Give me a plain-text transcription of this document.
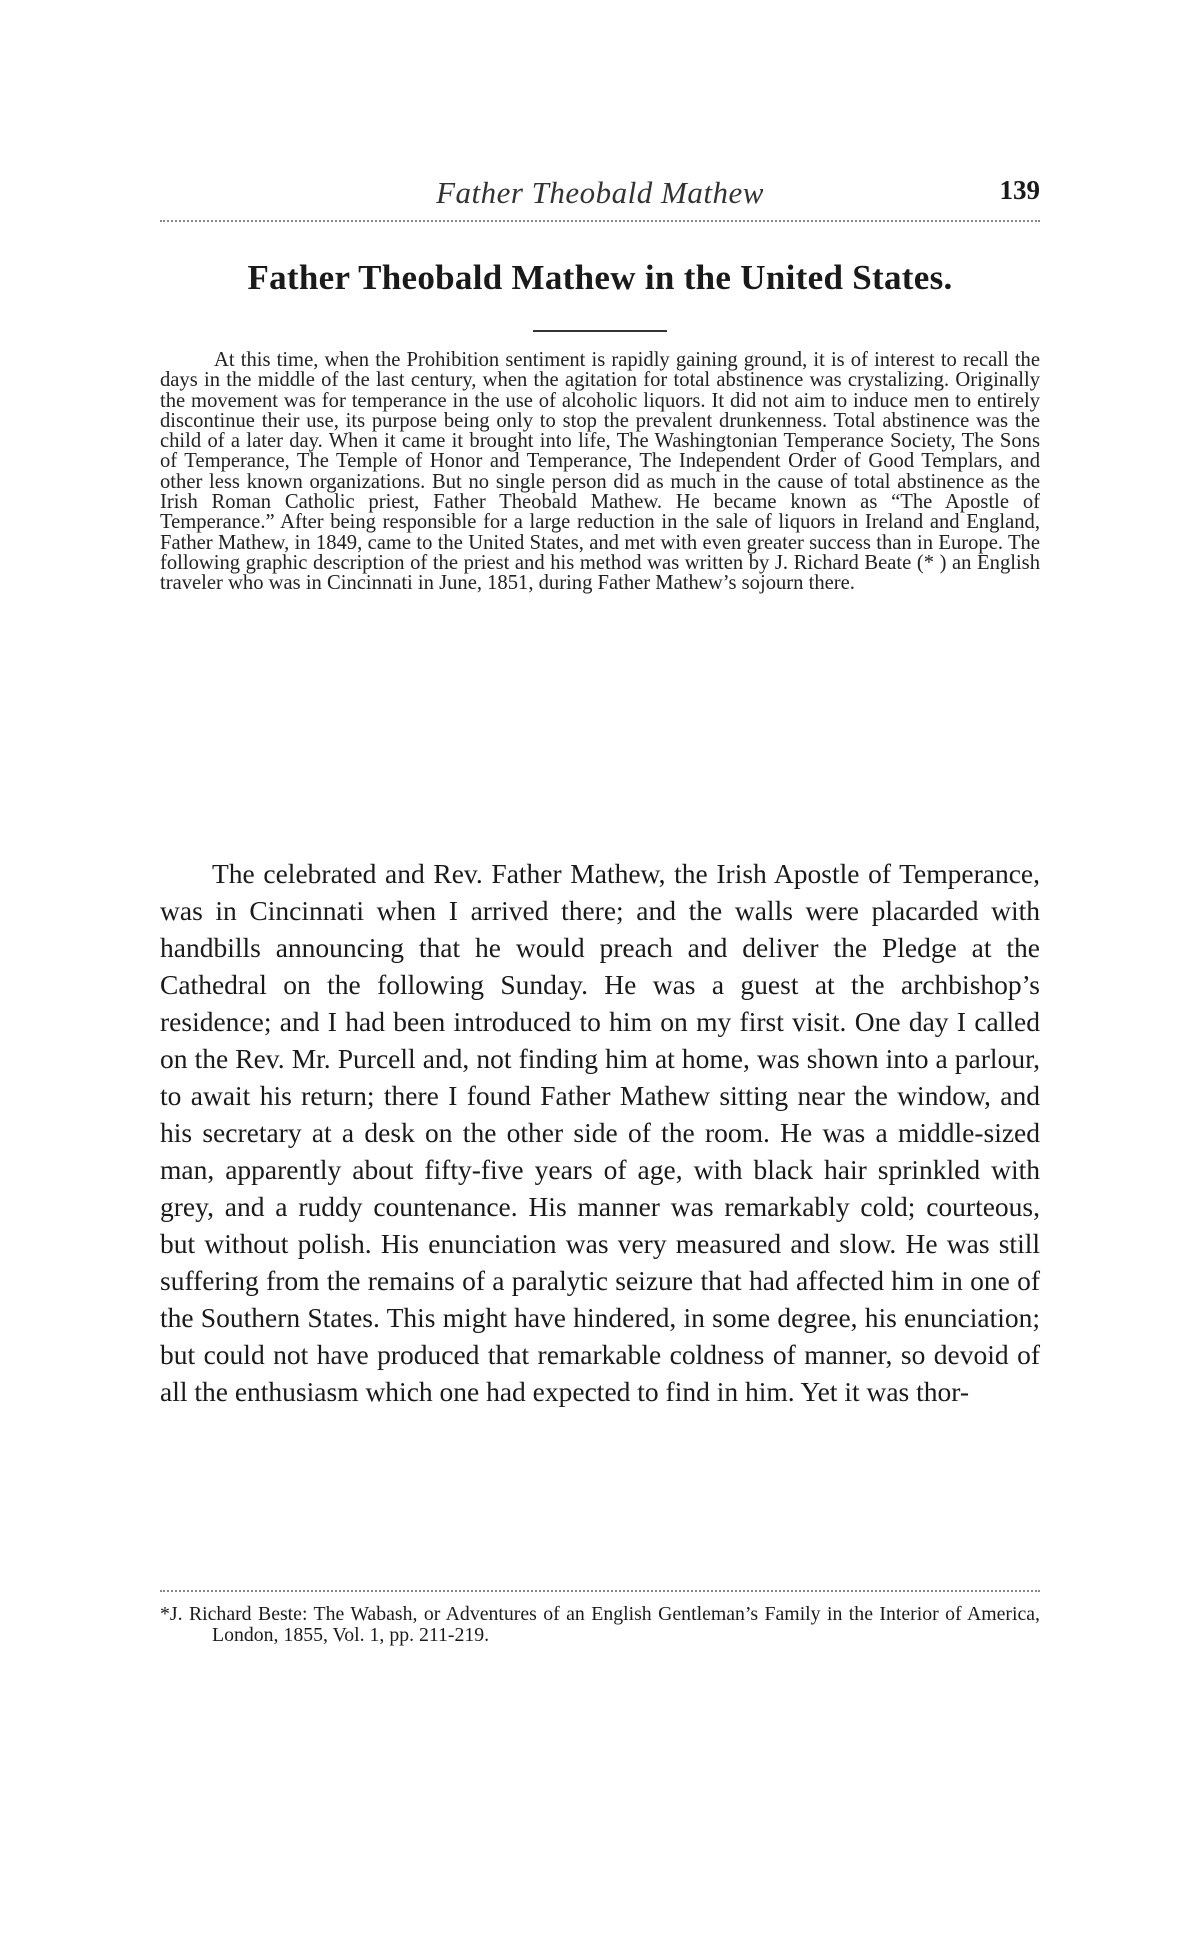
Father Theobald Mathew	139
Father Theobald Mathew in the United States.

At this time, when the Prohibition sentiment is rapidly gaining ground, it is of interest to recall the days in the middle of the last century, when the agitation for total abstinence was crystalizing. Originally the movement was for temperance in the use of alcoholic liquors. It did not aim to induce men to entirely discontinue their use, its purpose being only to stop the prevalent drunkenness. Total abstinence was the child of a later day. When it came it brought into life, The Washingtonian Temperance Society, The Sons of Temperance, The Temple of Honor and Temperance, The Independent Order of Good Templars, and other less known organizations. But no single person did as much in the cause of total abstinence as the Irish Roman Catholic priest, Father Theobald Mathew. He became known as “The Apostle of Temperance.” After being responsible for a large reduction in the sale of liquors in Ireland and England, Father Mathew, in 1849, came to the United States, and met with even greater success than in Europe. The following graphic description of the priest and his method was written by J. Richard Beate (* ) an English traveler who was in Cincinnati in June, 1851, during Father Mathew’s sojourn there.

The celebrated and Rev. Father Mathew, the Irish Apostle of Temperance, was in Cincinnati when I arrived there; and the walls were placarded with handbills announcing that he would preach and deliver the Pledge at the Cathedral on the following Sunday. He was a guest at the archbishop’s residence; and I had been introduced to him on my first visit. One day I called on the Rev. Mr. Purcell and, not finding him at home, was shown into a parlour, to await his return; there I found Father Mathew sitting near the window, and his secretary at a desk on the other side of the room. He was a middle-sized man, apparently about fifty-five years of age, with black hair sprinkled with grey, and a ruddy countenance. His manner was remarkably cold; courteous, but without polish. His enunciation was very measured and slow. He was still suffering from the remains of a paralytic seizure that had affected him in one of the Southern States. This might have hindered, in some degree, his enunciation; but could not have produced that remarkable coldness of manner, so devoid of all the enthusiasm which one had expected to find in him. Yet it was thor-

*J. Richard Beste: The Wabash, or Adventures of an English Gentleman’s Family in the Interior of America, London, 1855, Vol. 1, pp. 211-219.
